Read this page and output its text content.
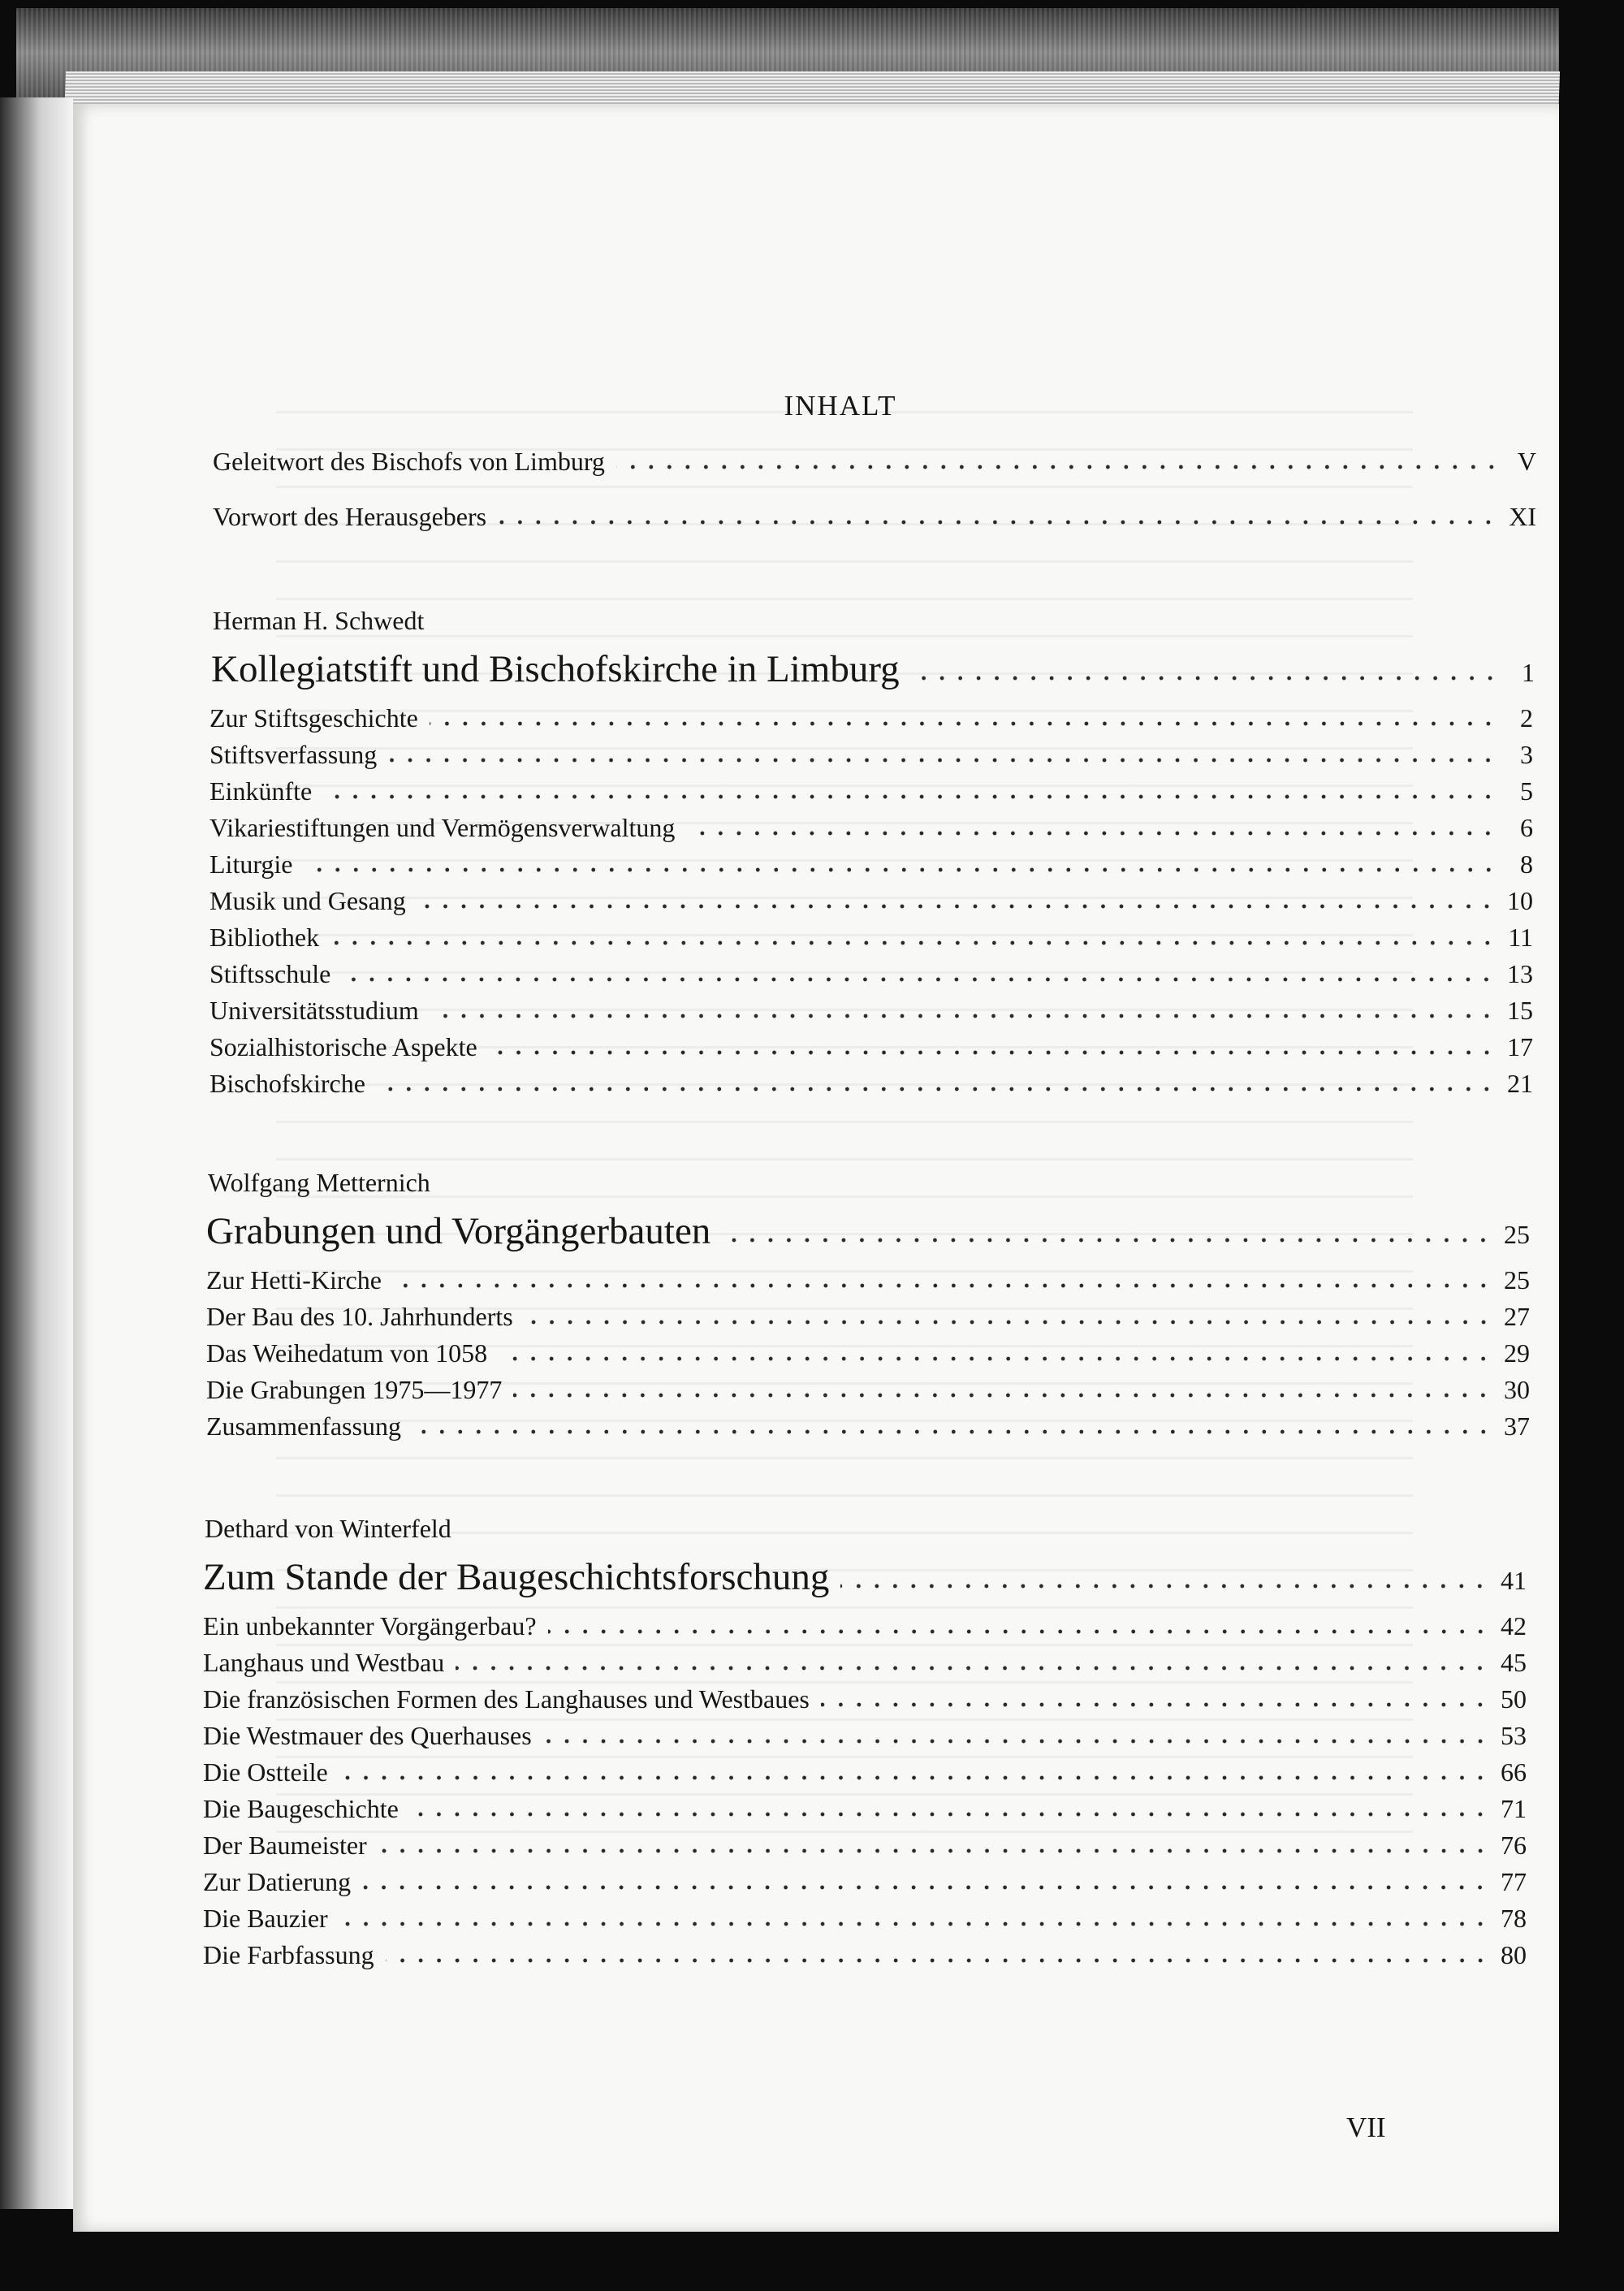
INHALT
Geleitwort des Bischofs von Limburg	V
Vorwort des Herausgebers	XI
Herman H. Schwedt
Kollegiatstift und Bischofskirche in Limburg	1
Zur Stiftsgeschichte	2
Stiftsverfassung	3
Einkünfte	5
Vikariestiftungen und Vermögensverwaltung	6
Liturgie	8
Musik und Gesang	10
Bibliothek	11
Stiftsschule	13
Universitätsstudium	15
Sozialhistorische Aspekte	17
Bischofskirche	21
Wolfgang Metternich
Grabungen und Vorgängerbauten	25
Zur Hetti-Kirche	25
Der Bau des 10. Jahrhunderts	27
Das Weihedatum von 1058	29
Die Grabungen 1975—1977	30
Zusammenfassung	37
Dethard von Winterfeld
Zum Stande der Baugeschichtsforschung	41
Ein unbekannter Vorgängerbau?	42
Langhaus und Westbau	45
Die französischen Formen des Langhauses und Westbaues	50
Die Westmauer des Querhauses	53
Die Ostteile	66
Die Baugeschichte	71
Der Baumeister	76
Zur Datierung	77
Die Bauzier	78
Die Farbfassung	80
VII
